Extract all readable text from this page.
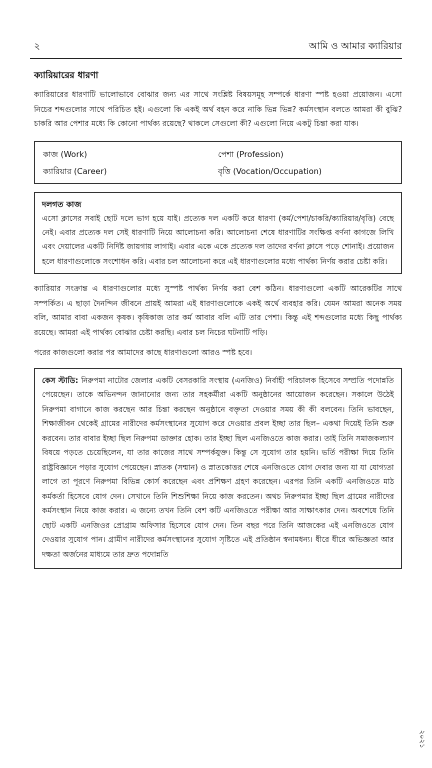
২	আমি ও আমার ক্যারিয়ার
ক্যারিয়ারের ধারণা

ক্যারিয়ারের ধারণাটি ভালোভাবে বোঝার জন্য এর সাথে সংশ্লিষ্ট বিষয়সমূহ সম্পর্কে ধারণা স্পষ্ট হওয়া প্রয়োজন। এসো নিচের শব্দগুলোর সাথে পরিচিত হই। এগুলো কি একই অর্থ বহন করে নাকি ভিন্ন ভিন্ন? কর্মসংস্থান বলতে আমরা কী বুঝি? চাকরি আর পেশার মধ্যে কি কোনো পার্থক্য রয়েছে? থাকলে সেগুলো কী? এগুলো নিয়ে একটু চিন্তা করা যাক।

কাজ (Work)	পেশা (Profession)
ক্যারিয়ার (Career)	বৃত্তি (Vocation/Occupation)
দলগত কাজ

এসো ক্লাসের সবাই ছোট দলে ভাগ হয়ে যাই। প্রত্যেক দল একটি করে ধারণা (কর্ম/পেশা/চাকরি/ক্যারিয়ার/বৃত্তি) বেছে নেই। এবার প্রত্যেক দল সেই ধারণাটি নিয়ে আলোচনা করি। আলোচনা শেষে ধারণাটির সংক্ষিপ্ত বর্ণনা কাগজে লিখি এবং দেয়ালের একটি নির্দিষ্ট জায়গায় লাগাই। এবার একে একে প্রত্যেক দল তাদের বর্ণনা ক্লাসে পড়ে শোনাই। প্রয়োজন হলে ধারণাগুলোকে সংশোধন করি। এবার চল আলোচনা করে এই ধারণাগুলোর মধ্যে পার্থক্য নির্ণয় করার চেষ্টা করি।

ক্যারিয়ার সংক্রান্ত এ ধারণাগুলোর মধ্যে সুস্পষ্ট পার্থক্য নির্ণয় করা বেশ কঠিন। ধারণাগুলো একটি আরেকটির সাথে সম্পর্কিত। এ ছাড়া দৈনন্দিন জীবনে প্রায়ই আমরা এই ধারণাগুলোকে একই অর্থে ব্যবহার করি। যেমন আমরা অনেক সময় বলি, আমার বাবা একজন কৃষক। কৃষিকাজ তার কর্ম আবার বলি এটি তার পেশা। কিন্তু এই শব্দগুলোর মধ্যে কিছু পার্থক্য রয়েছে। আমরা এই পার্থক্য বোঝার চেষ্টা করছি। এবার চল নিচের ঘটনাটি পড়ি।

পরের কাজগুলো করার পর আমাদের কাছে ধারণাগুলো আরও স্পষ্ট হবে।

কেস স্টাডি: নিরুপমা নাটোর জেলার একটি বেসরকারি সংস্থায় (এনজিও) নির্বাহী পরিচালক হিসেবে সম্প্রতি পদোন্নতি পেয়েছেন। তাকে অভিনন্দন জানানোর জন্য তার সহকর্মীরা একটি অনুষ্ঠানের আয়োজন করেছেন। সকালে উঠেই নিরুপমা বাগানে কাজ করছেন আর চিন্তা করছেন অনুষ্ঠানে বক্তৃতা দেওয়ার সময় কী কী বলবেন। তিনি ভাবছেন, শিক্ষাজীবন থেকেই গ্রামের নারীদের কর্মসংস্থানের সুযোগ করে দেওয়ার প্রবল ইচ্ছা তার ছিল– একথা দিয়েই তিনি শুরু করবেন। তার বাবার ইচ্ছা ছিল নিরুপমা ডাক্তার হোক। তার ইচ্ছা ছিল এনজিওতে কাজ করার। তাই তিনি সমাজকল্যাণ বিষয়ে পড়তে চেয়েছিলেন, যা তার কাজের সাথে সম্পর্কযুক্ত। কিন্তু সে সুযোগ তার হয়নি। ভর্তি পরীক্ষা দিয়ে তিনি রাষ্ট্রবিজ্ঞানে পড়ার সুযোগ পেয়েছেন। স্নাতক (সম্মান) ও স্নাতকোত্তর শেষে এনজিওতে যোগ দেবার জন্য যা যা যোগ্যতা লাগে তা পূরণে নিরুপমা বিভিন্ন কোর্স করেছেন এবং প্রশিক্ষণ গ্রহণ করেছেন। এরপর তিনি একটি এনজিওতে মাঠ কর্মকর্তা হিসেবে যোগ দেন। সেখানে তিনি শিশুশিক্ষা নিয়ে কাজ করতেন। অথচ নিরুপমার ইচ্ছা ছিল গ্রামের নারীদের কর্মসংস্থান নিয়ে কাজ করার। এ জন্যে তখন তিনি বেশ কটি এনজিওতে পরীক্ষা আর সাক্ষাৎকার দেন। অবশেষে তিনি ছোট একটি এনজিওর প্রোগ্রাম অফিসার হিসেবে যোগ দেন। তিন বছর পরে তিনি আজকের এই এনজিওতে যোগ দেওয়ার সুযোগ পান। গ্রামীণ নারীদের কর্মসংস্থানের সুযোগ সৃষ্টিতে এই প্রতিষ্ঠান স্বনামধন্য। ধীরে ধীরে অভিজ্ঞতা আর দক্ষতা অর্জনের মাধ্যমে তার দ্রুত পদোন্নতি

২০২১
